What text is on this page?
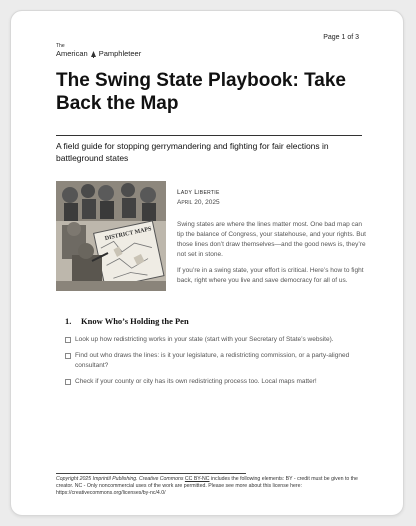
Page 1 of 3
The
American Pamphleteer
The Swing State Playbook: Take Back the Map

A field guide for stopping gerrymandering and fighting for fair elections in battleground states

DISTRICT MAPS
Lady Libertie
April 20, 2025

Swing states are where the lines matter most. One bad map can tip the balance of Congress, your statehouse, and your rights. But those lines don’t draw themselves—and the good news is, they’re not set in stone.

If you’re in a swing state, your effort is critical. Here’s how to fight back, right where you live and save democracy for all of us.

1. Know Who’s Holding the Pen
Look up how redistricting works in your state (start with your Secretary of State’s website).
Find out who draws the lines: is it your legislature, a redistricting commission, or a party-aligned consultant?
Check if your county or city has its own redistricting process too. Local maps matter!

Copyright 2025 Imprintil Publishing. Creative Commons CC BY-NC includes the following elements: BY - credit must be given to the creator. NC - Only noncommercial uses of the work are permitted. Please see more about this license here: https://creativecommons.org/licenses/by-nc/4.0/
